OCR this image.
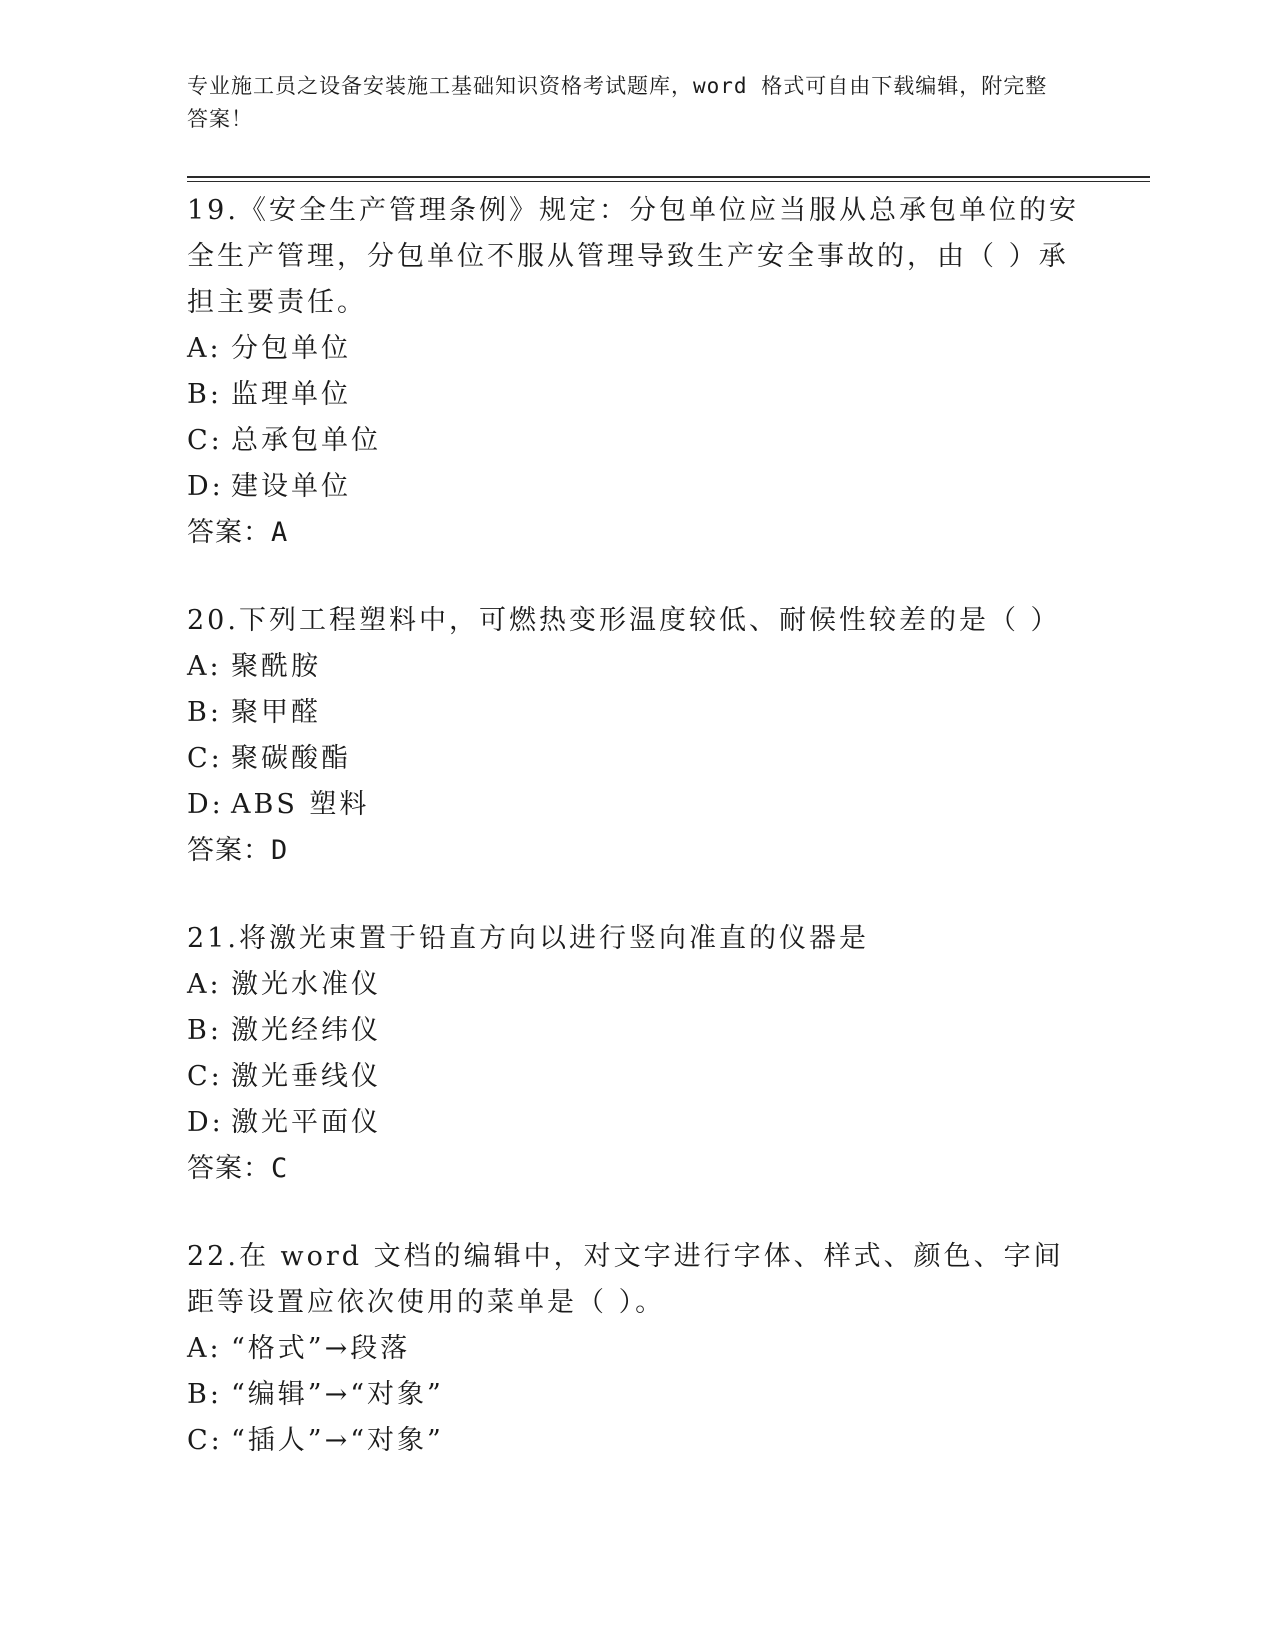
专业施工员之设备安装施工基础知识资格考试题库，word 格式可自由下载编辑，附完整答案！

19.《安全生产管理条例》规定：分包单位应当服从总承包单位的安全生产管理，分包单位不服从管理导致生产安全事故的，由（ ）承担主要责任。

A: 分包单位
B: 监理单位
C: 总承包单位
D: 建设单位
答案：A

20.下列工程塑料中，可燃热变形温度较低、耐候性较差的是（ ）

A: 聚酰胺
B: 聚甲醛
C: 聚碳酸酯
D: ABS 塑料
答案：D

21.将激光束置于铅直方向以进行竖向准直的仪器是

A: 激光水准仪
B: 激光经纬仪
C: 激光垂线仪
D: 激光平面仪
答案：C

22.在 word 文档的编辑中，对文字进行字体、样式、颜色、字间距等设置应依次使用的菜单是（ ）。

A: “格式”→段落
B: “编辑”→“对象”
C: “插人”→“对象”
